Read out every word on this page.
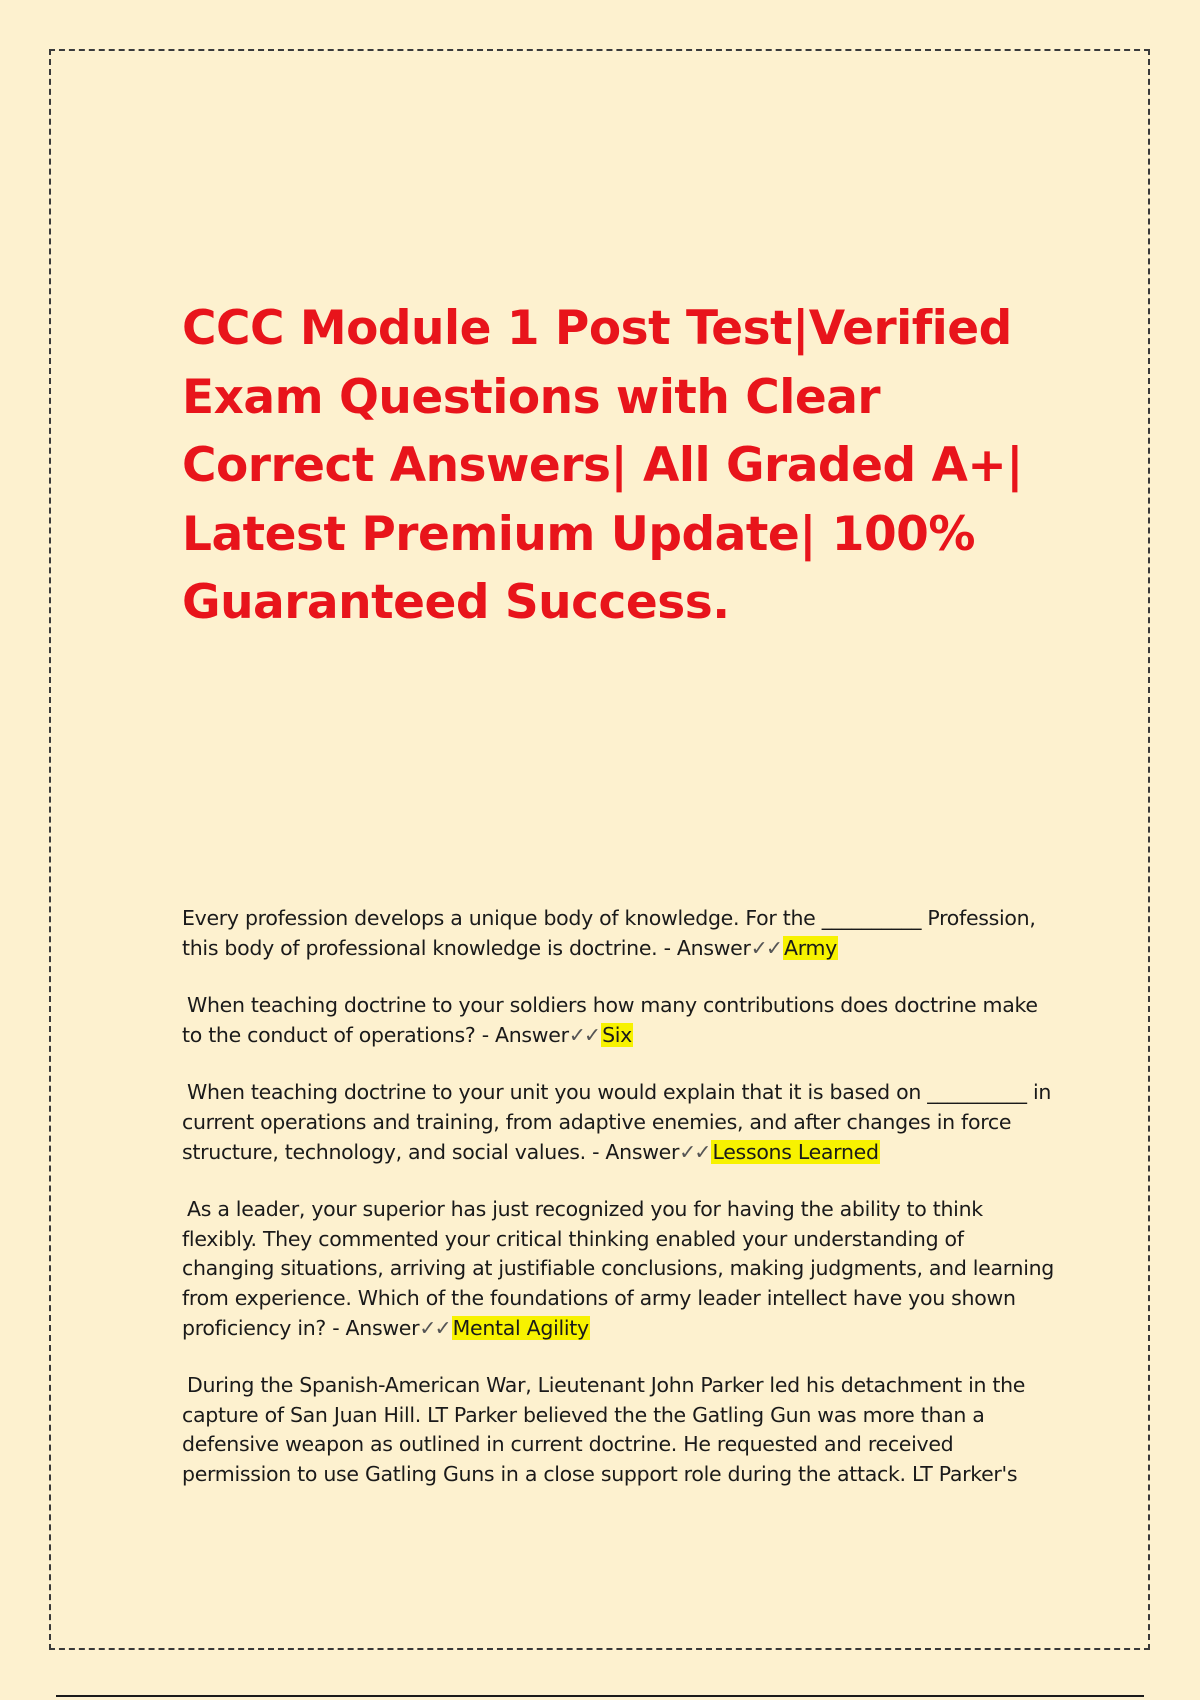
CCC Module 1 Post Test|Verified Exam Questions with Clear Correct Answers| All Graded A+| Latest Premium Update| 100% Guaranteed Success.
Every profession develops a unique body of knowledge. For the __________ Profession, this body of professional knowledge is doctrine. - Answer✓✓ Army
When teaching doctrine to your soldiers how many contributions does doctrine make to the conduct of operations? - Answer✓✓ Six
When teaching doctrine to your unit you would explain that it is based on __________ in current operations and training, from adaptive enemies, and after changes in force structure, technology, and social values. - Answer✓✓ Lessons Learned
As a leader, your superior has just recognized you for having the ability to think flexibly. They commented your critical thinking enabled your understanding of changing situations, arriving at justifiable conclusions, making judgments, and learning from experience. Which of the foundations of army leader intellect have you shown proficiency in? - Answer✓✓ Mental Agility
During the Spanish-American War, Lieutenant John Parker led his detachment in the capture of San Juan Hill. LT Parker believed the the Gatling Gun was more than a defensive weapon as outlined in current doctrine. He requested and received permission to use Gatling Guns in a close support role during the attack. LT Parker's
